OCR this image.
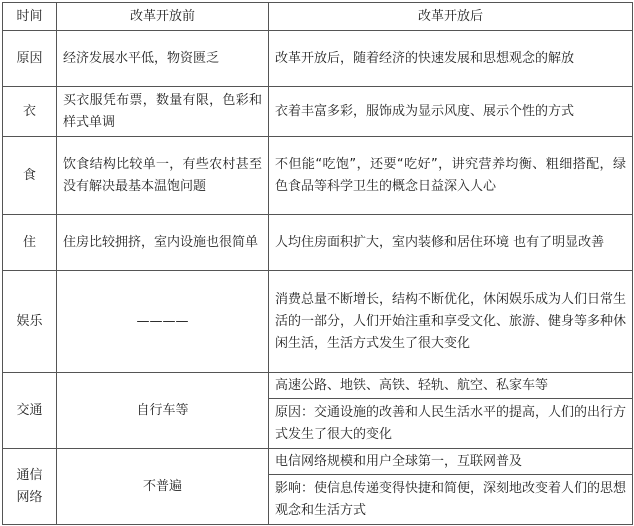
时间	改革开放前	改革开放后
原因	经济发展水平低，物资匮乏	改革开放后，随着经济的快速发展和思想观念的解放
衣	买衣服凭布票，数量有限，色彩和样式单调	衣着丰富多彩，服饰成为显示风度、展示个性的方式
食	饮食结构比较单一，有些农村甚至没有解决最基本温饱问题	不但能“吃饱”，还要“吃好”，讲究营养均衡、粗细搭配，绿色食品等科学卫生的概念日益深入人心
住	住房比较拥挤，室内设施也很简单	人均住房面积扩大，室内装修和居住环境 也有了明显改善
娱乐	————	消费总量不断增长，结构不断优化，休闲娱乐成为人们日常生活的一部分，人们开始注重和享受文化、旅游、健身等多种休闲生活，生活方式发生了很大变化
交通	自行车等	高速公路、地铁、高铁、轻轨、航空、私家车等
		原因：交通设施的改善和人民生活水平的提高，人们的出行方式发生了很大的变化
通信
网络	不普遍	电信网络规模和用户全球第一，互联网普及
		影响：使信息传递变得快捷和简便，深刻地改变着人们的思想观念和生活方式
